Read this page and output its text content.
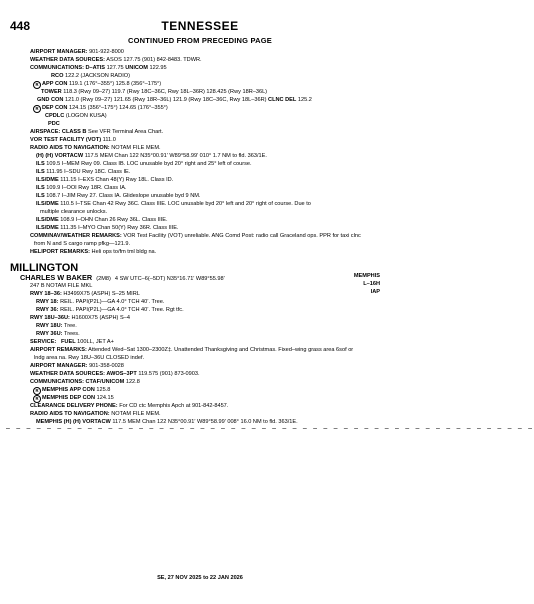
TENNESSEE
448
CONTINUED FROM PRECEDING PAGE
AIRPORT MANAGER: 901-922-8000
WEATHER DATA SOURCES: ASOS 127.75 (901) 842-8483. TDWR.
COMMUNICATIONS: D–ATIS 127.75 UNICOM 122.95
RCO 122.2 (JACKSON RADIO)
R APP CON 119.1 (176°–355°) 125.8 (356°–175°)
TOWER 118.3 (Rwy 09–27) 119.7 (Rwy 18C–36C, Rwy 18L–36R) 128.425 (Rwy 18R–36L)
GND CON 121.0 (Rwy 09–27) 121.65 (Rwy 18R–36L) 121.9 (Rwy 18C–36C, Rwy 18L–36R) CLNC DEL 125.2
R DEP CON 124.15 (356°–175°) 124.65 (176°–355°)
CPDLC (LOGON KUSA)
PDC
AIRSPACE: CLASS B See VFR Terminal Area Chart.
VOR TEST FACILITY (VOT) 111.0
RADIO AIDS TO NAVIGATION: NOTAM FILE MEM.
(H) (H) VORTACW 117.5 MEM Chan 122 N35°00.91′ W89°58.99′ 010° 1.7 NM to fld. 363/1E.
ILS 109.5 I–MEM Rwy 09. Class IB. LOC unusable byd 20° right and 25° left of course.
ILS 111.95 I–SDU Rwy 18C. Class IE.
ILS/DME 111.15 I–EXS Chan 48(Y) Rwy 18L. Class ID.
ILS 109.9 I–OOI Rwy 18R. Class IA.
ILS 108.7 I–JIM Rwy 27. Class IA. Glideslope unusable byd 9 NM.
ILS/DME 110.5 I–TSE Chan 42 Rwy 36C. Class IIIE. LOC unusable byd 20° left and 20° right of course. Due to
multiple clearance unlocks.
ILS/DME 108.9 I–OHN Chan 26 Rwy 36L. Class IIIE.
ILS/DME 111.35 I–MYO Chan 50(Y) Rwy 36R. Class IIIE.
COMM/NAV/WEATHER REMARKS: VOR Test Facility (VOT) unreliable. ANG Comd Post: radio call Graceland ops. PPR for taxi clnc
from N and S cargo ramp pfkg—121.9.
HELIPORT REMARKS: Heli ops to/fm tml bldg na.
MILLINGTON
CHARLES W BAKER (2M8) 4 SW UTC–6(–5DT) N35°16.71′ W89°55.98′
247 B NOTAM FILE MKL
MEMPHIS
L–16H
IAP
RWY 18–36: H3499X75 (ASPH) S–25 MIRL
RWY 18: REIL. PAPI(P2L)—GA 4.0° TCH 40’. Tree.
RWY 36: REIL. PAPI(P2L)—GA 4.0° TCH 40’. Tree. Rgt tfc.
RWY 18U–36U: H1600X75 (ASPH) S–4
RWY 18U: Tree.
RWY 36U: Trees.
SERVICE: FUEL 100LL, JET A+
AIRPORT REMARKS: Attended Wed–Sat 1300–2300Z‡. Unattended Thanksgiving and Christmas. Fixed–wing grass area 6sof or
lndg area na. Rwy 18U–36U CLOSED indef.
AIRPORT MANAGER: 901-358-0028
WEATHER DATA SOURCES: AWOS–3PT 119.575 (901) 873-0903.
COMMUNICATIONS: CTAF/UNICOM 122.8
R MEMPHIS APP CON 125.8
R MEMPHIS DEP CON 124.15
CLEARANCE DELIVERY PHONE: For CD ctc Memphis Apch at 901-842-8457.
RADIO AIDS TO NAVIGATION: NOTAM FILE MEM.
MEMPHIS (H) (H) VORTACW 117.5 MEM Chan 122 N35°00.91′ W89°58.99′ 008° 16.0 NM to fld. 363/1E.
– – – – – – – – – – – – – – – – – – – – – – – – – – – – – – – – – – – – – – – – – – – – – – – – – – – –
SE, 27 NOV 2025 to 22 JAN 2026
